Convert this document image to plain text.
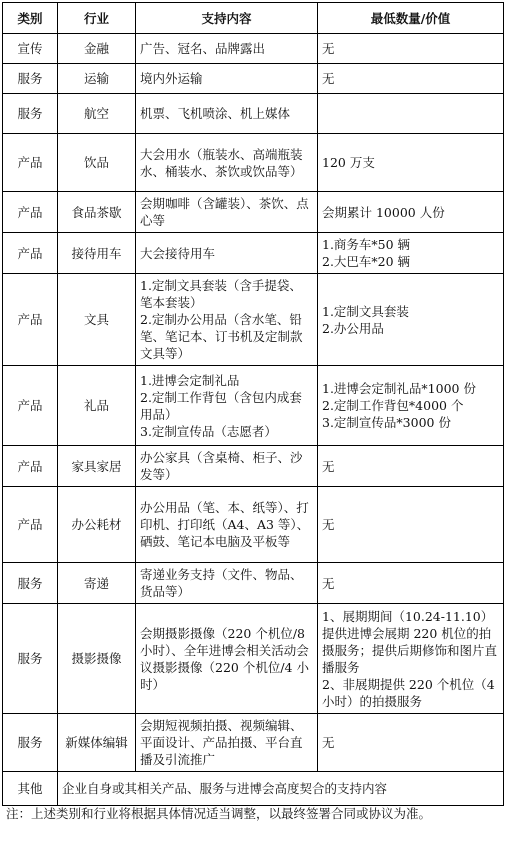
类别	行业	支持内容	最低数量/价值
宣传	金融	广告、冠名、品牌露出	无

服务	运输	境内外运输	无

服务	航空	机票、飞机喷涂、机上媒体	

产品	饮品	大会用水（瓶装水、高端瓶装水、桶装水、茶饮或饮品等）	120 万支

产品	食品茶歇	会期咖啡（含罐装）、茶饮、点心等	会期累计 10000 人份

产品	接待用车	大会接待用车	1.商务车*50 辆
2.大巴车*20 辆

产品	文具	1.定制文具套装（含手提袋、笔本套装）
2.定制办公用品（含水笔、铅笔、笔记本、订书机及定制款文具等）	1.定制文具套装
2.办公用品

产品	礼品	1.进博会定制礼品
2.定制工作背包（含包内成套用品）
3.定制宣传品（志愿者）	1.进博会定制礼品*1000 份
2.定制工作背包*4000 个
3.定制宣传品*3000 份

产品	家具家居	办公家具（含桌椅、柜子、沙发等）	无

产品	办公耗材	办公用品（笔、本、纸等）、打印机、打印纸（A4、A3 等）、硒鼓、笔记本电脑及平板等	无

服务	寄递	寄递业务支持（文件、物品、货品等）	无

服务	摄影摄像	会期摄影摄像（220 个机位/8 小时）、全年进博会相关活动会议摄影摄像（220 个机位/4 小时）	1、展期期间（10.24-11.10）提供进博会展期 220 机位的拍摄服务；提供后期修饰和图片直播服务
2、非展期提供 220 个机位（4 小时）的拍摄服务

服务	新媒体编辑	会期短视频拍摄、视频编辑、平面设计、产品拍摄、平台直播及引流推广	无

其他	企业自身或其相关产品、服务与进博会高度契合的支持内容		
注：上述类别和行业将根据具体情况适当调整，以最终签署合同或协议为准。
